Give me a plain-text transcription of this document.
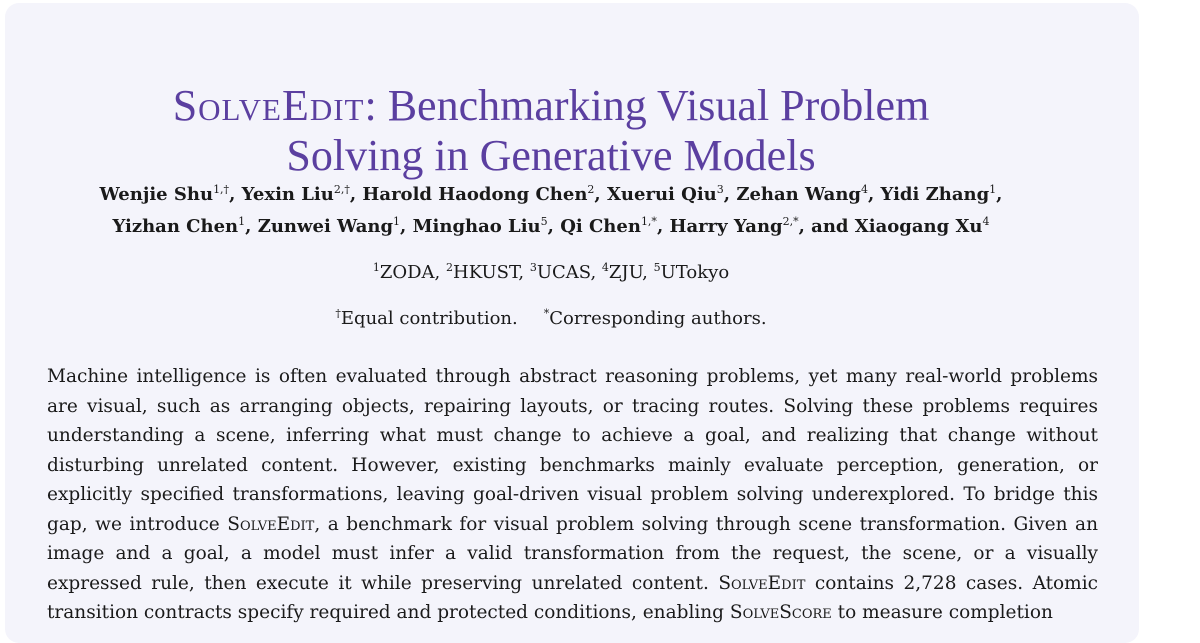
SolveEdit: Benchmarking Visual Problem
Solving in Generative Models
Wenjie Shu$^{1,\dagger}$, Yexin Liu$^{2,\dagger}$, Harold Haodong Chen$^2$, Xuerui Qiu$^3$, Zehan Wang$^4$, Yidi Zhang$^1$,
Yizhan Chen$^1$, Zunwei Wang$^1$, Minghao Liu$^5$, Qi Chen$^{1,*}$, Harry Yang$^{2,*}$, and Xiaogang Xu$^4$
$^1$ZODA, $^2$HKUST, $^3$UCAS, $^4$ZJU, $^5$UTokyo
†Equal contribution. *Corresponding authors.
Machine intelligence is often evaluated through abstract reasoning problems, yet many real-world problems are visual, such as arranging objects, repairing layouts, or tracing routes. Solving these problems requires understanding a scene, inferring what must change to achieve a goal, and realizing that change without disturbing unrelated content. However, existing benchmarks mainly evaluate perception, generation, or explicitly specified transformations, leaving goal-driven visual problem solving underexplored. To bridge this gap, we introduce SolveEdit, a benchmark for visual problem solving through scene transformation. Given an image and a goal, a model must infer a valid transformation from the request, the scene, or a visually expressed rule, then execute it while preserving unrelated content. SolveEdit contains 2,728 cases. Atomic transition contracts specify required and protected conditions, enabling SolveScore to measure completion
